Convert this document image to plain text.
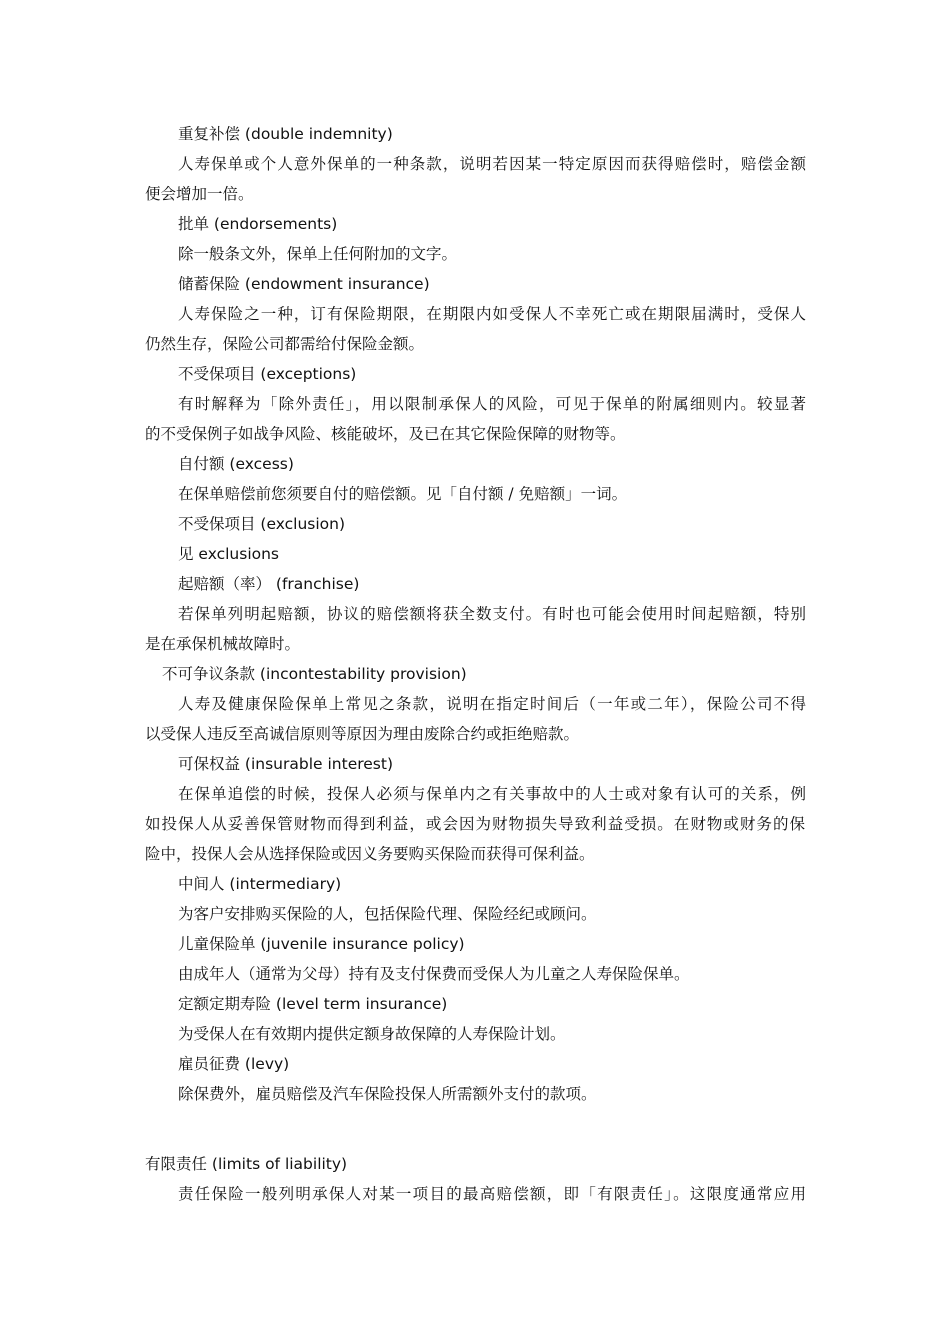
重复补偿 (double indemnity)
人寿保单或个人意外保单的一种条款，说明若因某一特定原因而获得赔偿时，赔偿金额
便会增加一倍。
批单 (endorsements)
除一般条文外，保单上任何附加的文字。
储蓄保险 (endowment insurance)
人寿保险之一种，订有保险期限，在期限内如受保人不幸死亡或在期限届满时，受保人
仍然生存，保险公司都需给付保险金额。
不受保项目 (exceptions)
有时解释为「除外责任」，用以限制承保人的风险，可见于保单的附属细则内。较显著
的不受保例子如战争风险、核能破坏，及已在其它保险保障的财物等。
自付额 (excess)
在保单赔偿前您须要自付的赔偿额。见「自付额 / 免赔额」一词。
不受保项目 (exclusion)
见 exclusions
起赔额（率） (franchise)
若保单列明起赔额，协议的赔偿额将获全数支付。有时也可能会使用时间起赔额，特别
是在承保机械故障时。
不可争议条款 (incontestability provision)
人寿及健康保险保单上常见之条款，说明在指定时间后（一年或二年），保险公司不得
以受保人违反至高诚信原则等原因为理由废除合约或拒绝赔款。
可保权益 (insurable interest)
在保单追偿的时候，投保人必须与保单内之有关事故中的人士或对象有认可的关系，例
如投保人从妥善保管财物而得到利益，或会因为财物损失导致利益受损。在财物或财务的保
险中，投保人会从选择保险或因义务要购买保险而获得可保利益。
中间人 (intermediary)
为客户安排购买保险的人，包括保险代理、保险经纪或顾问。
儿童保险单 (juvenile insurance policy)
由成年人（通常为父母）持有及支付保费而受保人为儿童之人寿保险保单。
定额定期寿险 (level term insurance)
为受保人在有效期内提供定额身故保障的人寿保险计划。
雇员征费 (levy)
除保费外，雇员赔偿及汽车保险投保人所需额外支付的款项。
有限责任 (limits of liability)
责任保险一般列明承保人对某一项目的最高赔偿额，即「有限责任」。这限度通常应用
